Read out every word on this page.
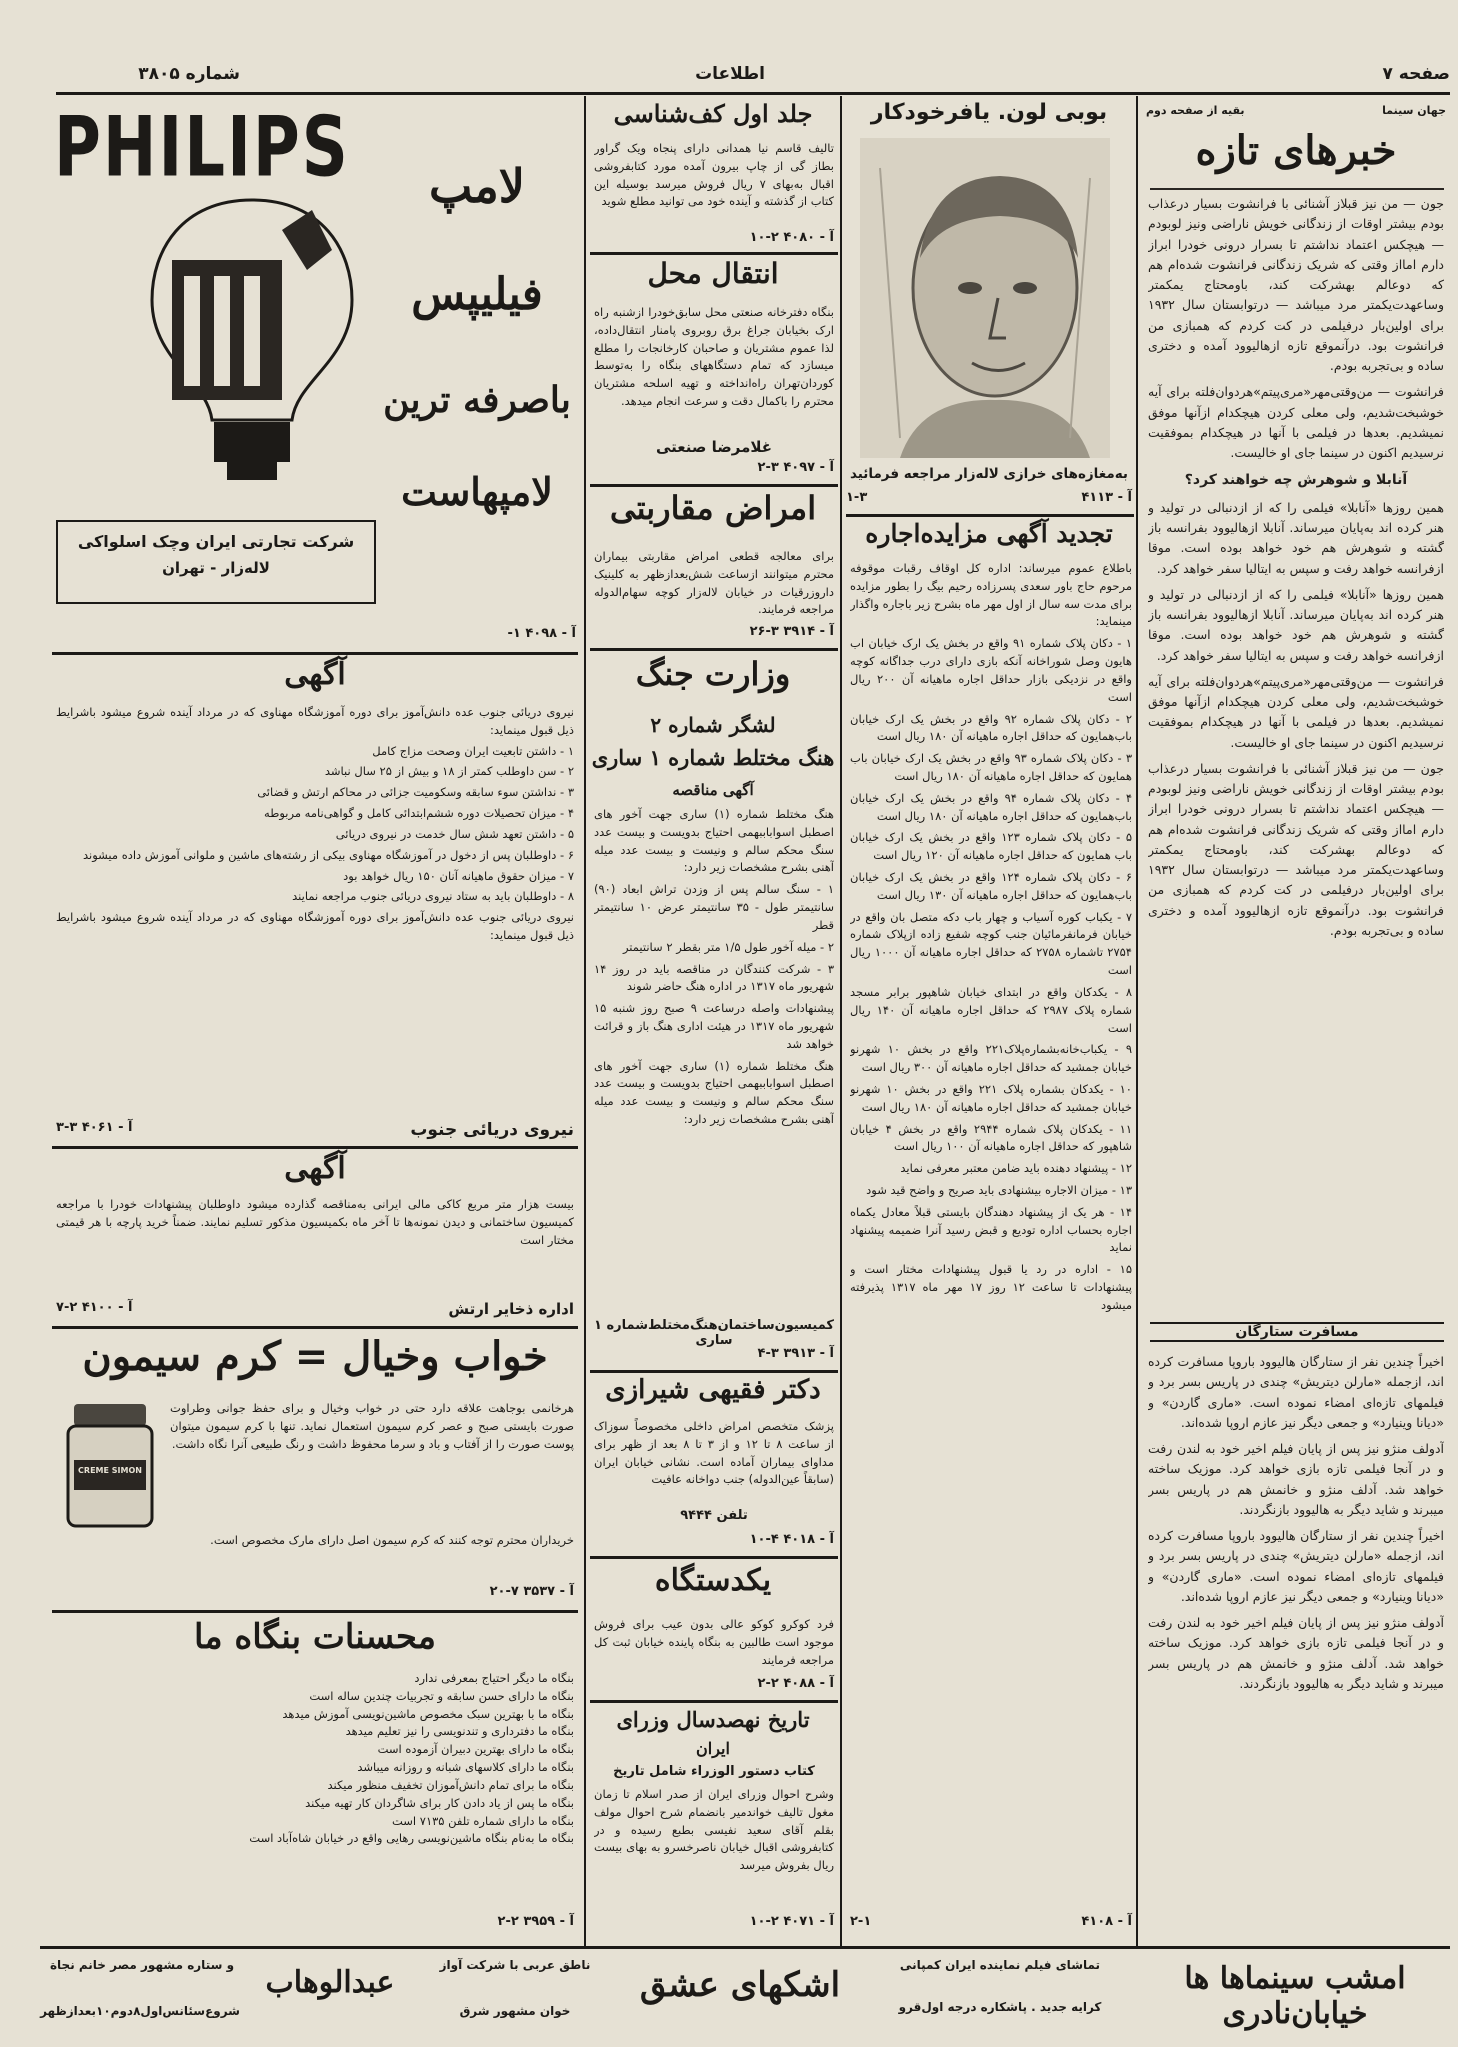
صفحه ۷
اطلاعات
شماره ۳۸۰۵
جهان سینما
بقیه از صفحه دوم
خبرهای تازه

جون — من نیز قبلاز آشنائی با فرانشوت بسیار درعذاب بودم بیشتر اوقات از زندگانی خویش ناراضی ونیز لوبودم — هیچکس اعتماد نداشتم تا بسرار درونی خودرا ابراز دارم امااز وقتی که شریک زندگانی فرانشوت شده‌ام هم که دوعالم بهشرکت کند، باومحتاج یمکمتر وساعهدت‌یکمتر مرد میباشد — درتوابستان سال ۱۹۳۲ برای اولین‌بار درفیلمی در کت کردم که همبازی من فرانشوت بود. درآنموقع تازه ازهالیوود آمده و دختری ساده و بی‌تجربه بودم.

فرانشوت — من‌وقتی‌مهر‌«مری‌پیتم»‌هردوان‌فلته برای آیه خوشبخت‌شدیم، ولی معلی کردن هیچکدام ازآنها موفق نمیشدیم. بعدها در فیلمی با آنها در هیچکدام بموفقیت نرسیدیم اکنون در سینما جای او خالیست.

آنابلا و شوهرش چه خواهند کرد؟

همین روزها «آنابلا» فیلمی را که از ازدنبالی در تولید و هنر کرده اند به‌پایان میرساند. آنابلا ازهالیوود بفرانسه باز گشته و شوهرش هم خود خواهد بوده است. موقا ازفرانسه خواهد رفت و سپس به ایتالیا سفر خواهد کرد.

همین روزها «آنابلا» فیلمی را که از ازدنبالی در تولید و هنر کرده اند به‌پایان میرساند. آنابلا ازهالیوود بفرانسه باز گشته و شوهرش هم خود خواهد بوده است. موقا ازفرانسه خواهد رفت و سپس به ایتالیا سفر خواهد کرد.

فرانشوت — من‌وقتی‌مهر‌«مری‌پیتم»‌هردوان‌فلته برای آیه خوشبخت‌شدیم، ولی معلی کردن هیچکدام ازآنها موفق نمیشدیم. بعدها در فیلمی با آنها در هیچکدام بموفقیت نرسیدیم اکنون در سینما جای او خالیست.

جون — من نیز قبلاز آشنائی با فرانشوت بسیار درعذاب بودم بیشتر اوقات از زندگانی خویش ناراضی ونیز لوبودم — هیچکس اعتماد نداشتم تا بسرار درونی خودرا ابراز دارم امااز وقتی که شریک زندگانی فرانشوت شده‌ام هم که دوعالم بهشرکت کند، باومحتاج یمکمتر وساعهدت‌یکمتر مرد میباشد — درتوابستان سال ۱۹۳۲ برای اولین‌بار درفیلمی در کت کردم که همبازی من فرانشوت بود. درآنموقع تازه ازهالیوود آمده و دختری ساده و بی‌تجربه بودم.

مسافرت ستارگان

اخیراً چندین نفر از ستارگان هالیوود باروپا مسافرت کرده اند، ازجمله «مارلن دیتریش» چندی در پاریس بسر برد و فیلمهای تازه‌ای امضاء نموده است. «ماری گاردن» و «دیانا وینیارد» و جمعی دیگر نیز عازم اروپا شده‌اند.

آدولف منژو نیز پس از پایان فیلم اخیر خود به لندن رفت و در آنجا فیلمی تازه بازی خواهد کرد. موزیک ساخته خواهد شد. آدلف منژو و خانمش هم در پاریس بسر میبرند و شاید دیگر به هالیوود بازنگردند.

اخیراً چندین نفر از ستارگان هالیوود باروپا مسافرت کرده اند، ازجمله «مارلن دیتریش» چندی در پاریس بسر برد و فیلمهای تازه‌ای امضاء نموده است. «ماری گاردن» و «دیانا وینیارد» و جمعی دیگر نیز عازم اروپا شده‌اند.

آدولف منژو نیز پس از پایان فیلم اخیر خود به لندن رفت و در آنجا فیلمی تازه بازی خواهد کرد. موزیک ساخته خواهد شد. آدلف منژو و خانمش هم در پاریس بسر میبرند و شاید دیگر به هالیوود بازنگردند.

بوبی لون. یافرخودکار
به‌مغازه‌های خرازی لاله‌زار مراجعه فرمائید
آ - ۴۱۱۳
۱-۳
تجدید آگهی مزایده‌اجاره

باطلاع عموم میرساند: اداره کل اوقاف رقبات موقوفه مرحوم حاج باور سعدی پسرزاده رحیم بیگ را بطور مزایده برای مدت سه سال از اول مهر ماه بشرح زیر باجاره واگذار مینماید:

۱ - دکان پلاک شماره ۹۱ واقع در بخش یک ارک خیابان اب هایون وصل شوراخانه آنکه بازی دارای درب جداگانه کوچه واقع در نزدیکی بازار حداقل اجاره ماهیانه آن ۲۰۰ ریال است

۲ - دکان پلاک شماره ۹۲ واقع در بخش یک ارک خیابان باب‌همایون که حداقل اجاره ماهیانه آن ۱۸۰ ریال است

۳ - دکان پلاک شماره ۹۳ واقع در بخش یک ارک خیابان باب همایون که حداقل اجاره ماهیانه آن ۱۸۰ ریال است

۴ - دکان پلاک شماره ۹۴ واقع در بخش یک ارک خیابان باب‌همایون که حداقل اجاره ماهیانه آن ۱۸۰ ریال است

۵ - دکان پلاک شماره ۱۲۳ واقع در بخش یک ارک خیابان باب همایون که حداقل اجاره ماهیانه آن ۱۲۰ ریال است

۶ - دکان پلاک شماره ۱۲۴ واقع در بخش یک ارک خیابان باب‌همایون که حداقل اجاره ماهیانه آن ۱۳۰ ریال است

۷ - یکباب کوره آسیاب و چهار باب دکه متصل بان واقع در خیابان فرمانفرمائیان جنب کوچه شفیع زاده ازپلاک شماره ۲۷۵۴ تاشماره ۲۷۵۸ که حداقل اجاره ماهیانه آن ۱۰۰۰ ریال است

۸ - یکدکان واقع در ابتدای خیابان شاهپور برابر مسجد شماره پلاک ۲۹۸۷ که حداقل اجاره ماهیانه آن ۱۴۰ ریال است

۹ - یکباب‌خانه‌بشماره‌پلاک‌۲۲۱ واقع در بخش ۱۰ شهرنو خیابان جمشید که حداقل اجاره ماهیانه آن ۳۰۰ ریال است

۱۰ - یکدکان بشماره پلاک ۲۲۱ واقع در بخش ۱۰ شهرنو خیابان جمشید که حداقل اجاره ماهیانه آن ۱۸۰ ریال است

۱۱ - یکدکان پلاک شماره ۲۹۴۴ واقع در بخش ۴ خیابان شاهپور که حداقل اجاره ماهیانه آن ۱۰۰ ریال است

۱۲ - پیشنهاد دهنده باید ضامن معتبر معرفی نماید

۱۳ - میزان الاجاره بیشنهادی باید صریح و واضح قید شود

۱۴ - هر یک از پیشنهاد دهندگان بایستی قبلاً معادل یکماه اجاره بحساب اداره تودیع و قبض رسید آنرا ضمیمه پیشنهاد نماید

۱۵ - اداره در رد یا قبول پیشنهادات مختار است و پیشنهادات تا ساعت ۱۲ روز ۱۷ مهر ماه ۱۳۱۷ پذیرفته میشود

آ - ۴۱۰۸
۲-۱
جلد اول کف‌شناسی
تالیف قاسم نیا همدانی دارای پنجاه ویک گراور بطاز گی از چاپ بیرون آمده مورد کتابفروشی اقبال به‌بهای ۷ ریال فروش میرسد بوسیله این کتاب از گذشته و آینده خود می توانید مطلع شوید
آ - ۴۰۸۰ ۲-۱۰
انتقال محل
بنگاه دفترخانه صنعتی محل سابق‌خودرا ازشنبه راه ارک بخیابان جراغ برق روبروی پامنار انتقال‌داده، لذا عموم مشتریان و صاحبان کارخانجات را مطلع میسازد که تمام دستگاههای بنگاه را به‌توسط کوردان‌تهران راه‌انداخته و تهیه اسلحه مشتریان محترم را باکمال دقت و سرعت انجام میدهد.
غلامرضا صنعتی
آ - ۴۰۹۷ ۳-۲
امراض مقاربتی
برای معالجه قطعی امراض مقاربتی بیماران محترم میتوانند ازساعت شش‌بعدازظهر به کلینیک داروزرقیات در خیابان لاله‌زار کوچه سهام‌الدوله مراجعه فرمایند.
آ - ۳۹۱۴ ۳-۲۶
وزارت جنگ
لشگر شماره ۲
هنگ مختلط شماره ۱ ساری
آگهی مناقصه

هنگ مختلط شماره (۱) ساری جهت آخور های اصطبل اسواباببهمی احتیاج بدویست و بیست عدد سنگ محکم سالم و ونیست و بیست عدد میله آهنی بشرح مشخصات زیر دارد:

۱ - سنگ سالم پس از وزدن تراش ابعاد (۹۰) سانتیمتر طول - ۳۵ سانتیمتر عرض ۱۰ سانتیمتر قطر

۲ - میله آخور طول ۱/۵ متر بقطر ۲ سانتیمتر

۳ - شرکت کنندگان در مناقصه باید در روز ۱۴ شهریور ماه ۱۳۱۷ در اداره هنگ حاضر شوند

پیشنهادات واصله درساعت ۹ صبح روز شنبه ۱۵ شهریور ماه ۱۳۱۷ در هیئت اداری هنگ باز و قرائت خواهد شد

هنگ مختلط شماره (۱) ساری جهت آخور های اصطبل اسواباببهمی احتیاج بدویست و بیست عدد سنگ محکم سالم و ونیست و بیست عدد میله آهنی بشرح مشخصات زیر دارد:

کمیسیون‌ساختمان‌هنگ‌مختلط‌شماره ۱ ساری
آ - ۳۹۱۳ ۳-۴
دکتر فقیهی شیرازی
پزشک متخصص امراض داخلی مخصوصاً سوزاک از ساعت ۸ تا ۱۲ و از ۳ تا ۸ بعد از ظهر برای مداوای بیماران آماده است. نشانی خیابان ایران (سابقاً عین‌الدوله) جنب دواخانه عافیت
تلفن ۹۴۴۴
آ - ۴۰۱۸ ۴-۱۰
یکدستگاه
فرد کوکرو کوکو عالی بدون عیب برای فروش موجود است طالبین به بنگاه پاینده خیابان ثبت کل مراجعه فرمایند
آ - ۴۰۸۸ ۲-۲
تاریخ نهصدسال وزرای
ایران
کتاب دستور الوزراء شامل تاریخ
وشرح احوال وزرای ایران از صدر اسلام تا زمان مغول تالیف خواندمیر بانضمام شرح احوال مولف بقلم آقای سعید نفیسی بطبع رسیده و در کتابفروشی اقبال خیابان ناصرخسرو به بهای بیست ریال بفروش میرسد
آ - ۴۰۷۱ ۲-۱۰
PHILIPS	لامپ
فیلیپس
باصرفه ترین
لامپهاست
شرکت تجارتی ایران وچک اسلواکی
لاله‌زار - تهران
آ - ۴۰۹۸ ۱-
آگهی

نیروی دریائی جنوب عده دانش‌آموز برای دوره آموزشگاه مهناوی که در مرداد آینده شروع میشود باشرایط ذیل قبول مینماید:

۱ - داشتن تابعیت ایران وصحت مزاج کامل

۲ - سن داوطلب کمتر از ۱۸ و بیش از ۲۵ سال نباشد

۳ - نداشتن سوء سابقه وسکومیت جزائی در محاکم ارتش و قضائی

۴ - میزان تحصیلات دوره ششم‌ابتدائی کامل و گواهی‌نامه مربوطه

۵ - داشتن تعهد شش سال خدمت در نیروی دریائی

۶ - داوطلبان پس از دخول در آموزشگاه مهناوی بیکی از رشته‌های ماشین و ملوانی آموزش داده میشوند

۷ - میزان حقوق ماهیانه آنان ۱۵۰ ریال خواهد بود

۸ - داوطلبان باید به ستاد نیروی دریائی جنوب مراجعه نمایند

نیروی دریائی جنوب عده دانش‌آموز برای دوره آموزشگاه مهناوی که در مرداد آینده شروع میشود باشرایط ذیل قبول مینماید:

نیروی دریائی جنوب
آ - ۴۰۶۱ ۳-۳
آگهی
بیست هزار متر مربع کاکی مالی ایرانی به‌مناقصه گذارده میشود داوطلبان پیشنهادات خودرا با مراجعه کمیسیون ساختمانی و دیدن نمونه‌ها تا آخر ماه بکمیسیون مذکور تسلیم نمایند. ضمناً خرید پارچه با هر قیمتی مختار است
اداره ذخایر ارتش
آ - ۴۱۰۰ ۲-۷
خواب وخیال = کرم سیمون
CREME SIMON
هرخانمی بوجاهت علاقه دارد حتی در خواب وخیال و برای حفظ جوانی وطراوت صورت بایستی صبح و عصر کرم سیمون استعمال نماید. تنها با کرم سیمون میتوان پوست صورت را از آفتاب و باد و سرما محفوظ داشت و رنگ طبیعی آنرا نگاه داشت.
خریداران محترم توجه کنند که کرم سیمون اصل دارای مارک مخصوص است.
آ - ۳۵۳۷ ۷-۲۰
محسنات بنگاه ما
بنگاه ما دیگر احتیاج بمعرفی ندارد
بنگاه ما دارای حسن سابقه و تجربیات چندین ساله است
بنگاه ما با بهترین سبک مخصوص ماشین‌نویسی آموزش میدهد
بنگاه ما دفترداری و تندنویسی را نیز تعلیم میدهد
بنگاه ما دارای بهترین دبیران آزموده است
بنگاه ما دارای کلاسهای شبانه و روزانه میباشد
بنگاه ما برای تمام دانش‌آموزان تخفیف منظور میکند
بنگاه ما پس از یاد دادن کار برای شاگردان کار تهیه میکند
بنگاه ما دارای شماره تلفن ۷۱۳۵ است
بنگاه ما به‌نام بنگاه ماشین‌نویسی رهایی واقع در خیابان شاه‌آباد است
آ - ۳۹۵۹ ۲-۲
امشب سینما‌ها ها خیابان‌نادری
تماشای فیلم نماینده ایران کمپانی
کرایه جدید . پاشکاره درجه اول‌قرو
اشکهای عشق
ناطق عربی با شرکت آواز
خوان مشهور شرق
عبدالوهاب
و ستاره مشهور مصر خانم نجاة
شروع‌سئانس‌اول‌۸دوم۱۰‌بعدازظهر
